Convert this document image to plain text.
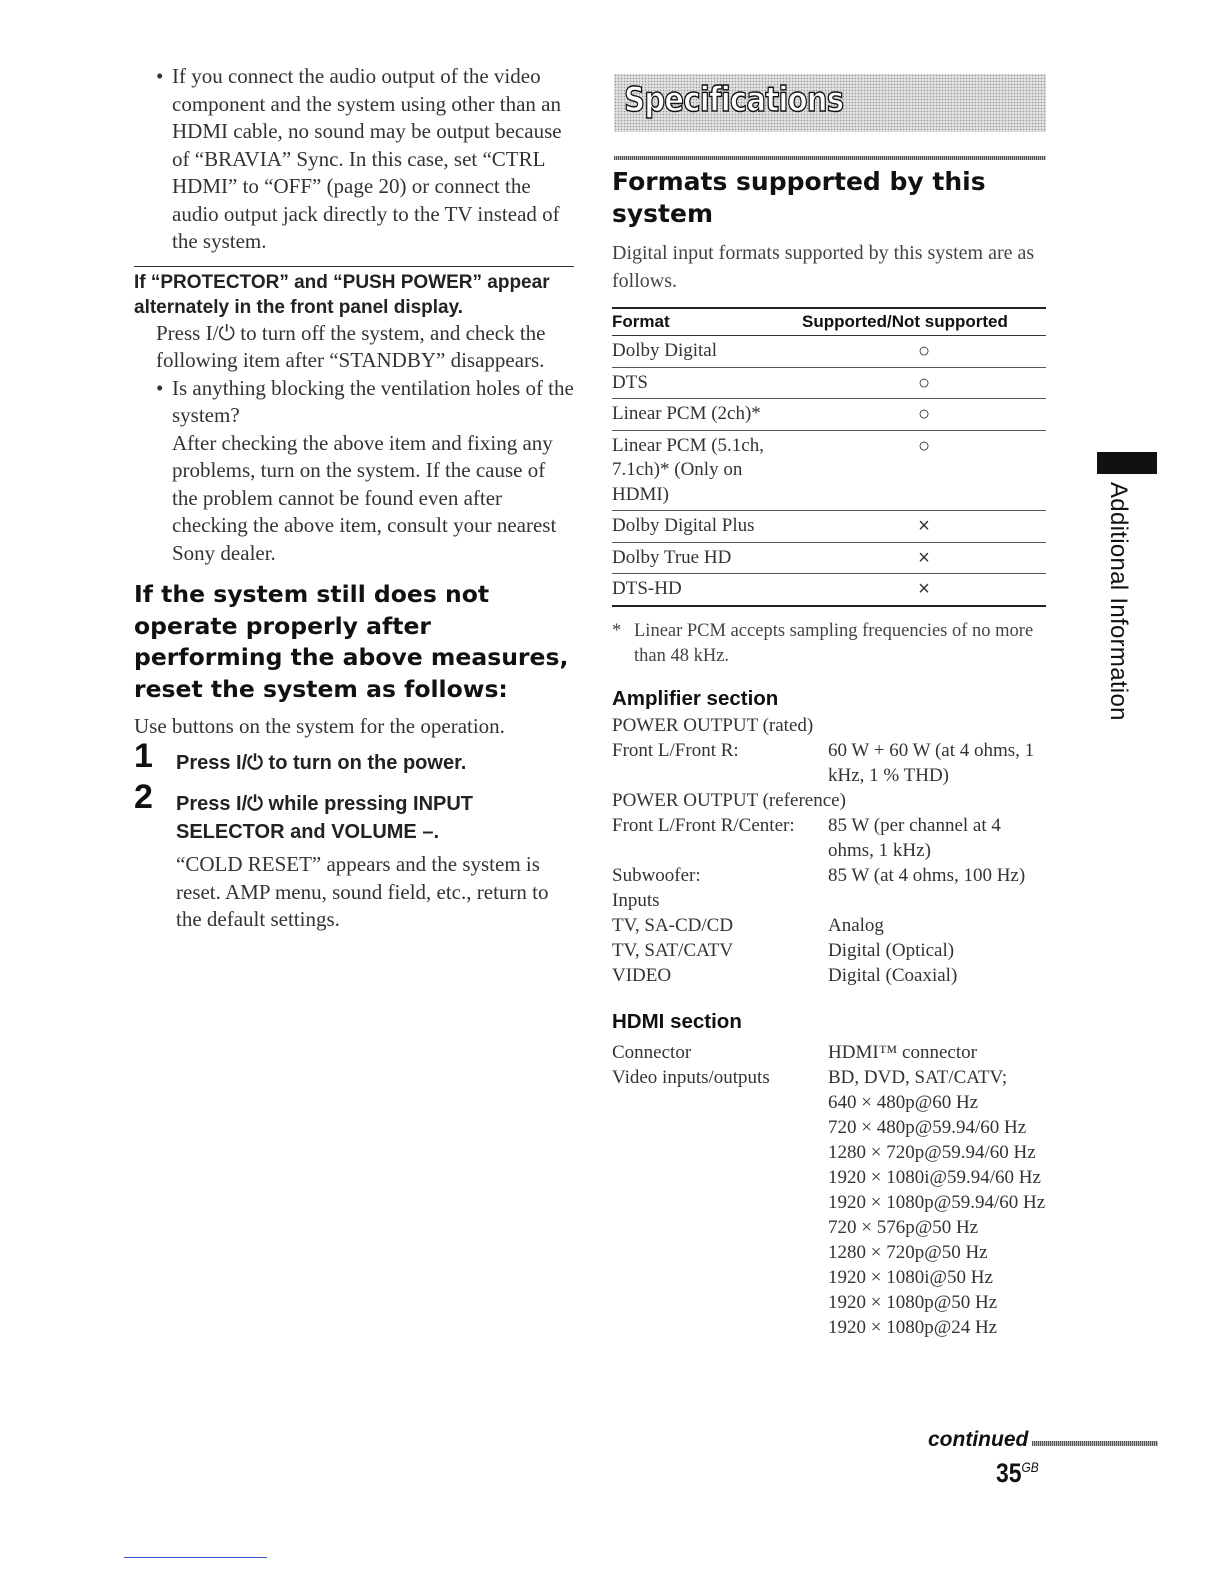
• If you connect the audio output of the video component and the system using other than an HDMI cable, no sound may be output because of “BRAVIA” Sync. In this case, set “CTRL HDMI” to “OFF” (page 20) or connect the audio output jack directly to the TV instead of the system.
If “PROTECTOR” and “PUSH POWER” appear alternately in the front panel display.
Press I/⏻ to turn off the system, and check the following item after “STANDBY” disappears.
• Is anything blocking the ventilation holes of the system?
After checking the above item and fixing any problems, turn on the system. If the cause of the problem cannot be found even after checking the above item, consult your nearest Sony dealer.
If the system still does not operate properly after performing the above measures, reset the system as follows:
Use buttons on the system for the operation.
1 Press I/⏻ to turn on the power.
2 Press I/⏻ while pressing INPUT SELECTOR and VOLUME –.
“COLD RESET” appears and the system is reset. AMP menu, sound field, etc., return to the default settings.
Specifications
Formats supported by this system
Digital input formats supported by this system are as follows.
Format	Supported/Not supported
Dolby Digital	○
DTS	○
Linear PCM (2ch)*	○
Linear PCM (5.1ch, 7.1ch)* (Only on HDMI)	○
Dolby Digital Plus	×
Dolby True HD	×
DTS-HD	×
* Linear PCM accepts sampling frequencies of no more than 48 kHz.
Amplifier section
POWER OUTPUT (rated)
Front L/Front R:	60 W + 60 W (at 4 ohms, 1 kHz, 1 % THD)
POWER OUTPUT (reference)
Front L/Front R/Center:	85 W (per channel at 4 ohms, 1 kHz)
Subwoofer:	85 W (at 4 ohms, 100 Hz)
Inputs
TV, SA-CD/CD	Analog
TV, SAT/CATV	Digital (Optical)
VIDEO	Digital (Coaxial)
HDMI section
Connector	HDMI™ connector
Video inputs/outputs	BD, DVD, SAT/CATV;
640 × 480p@60 Hz
720 × 480p@59.94/60 Hz
1280 × 720p@59.94/60 Hz
1920 × 1080i@59.94/60 Hz
1920 × 1080p@59.94/60 Hz
720 × 576p@50 Hz
1280 × 720p@50 Hz
1920 × 1080i@50 Hz
1920 × 1080p@50 Hz
1920 × 1080p@24 Hz
Additional Information
continued
$35^{GB}$
